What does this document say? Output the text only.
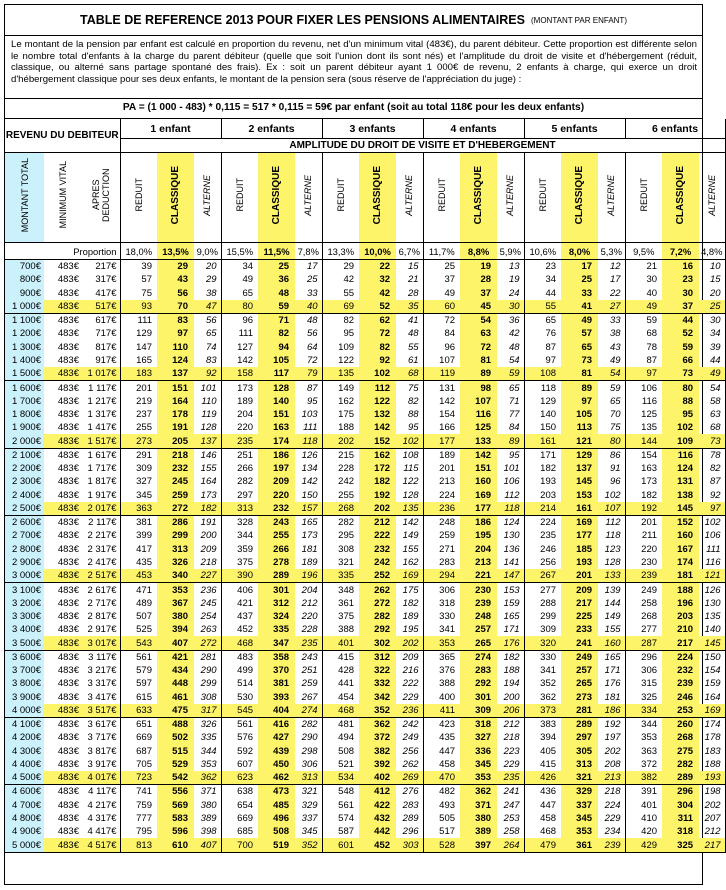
TABLE DE REFERENCE 2013 POUR FIXER LES PENSIONS ALIMENTAIRES (MONTANT PAR ENFANT)
Le montant de la pension par enfant est calculé en proportion du revenu, net d'un minimum vital (483€), du parent débiteur. Cette proportion est différente selon le nombre total d'enfants à la charge du parent débiteur (quelle que soit l'union dont ils sont nés) et l'amplitude du droit de visite et d'hébergement (réduit, classique, ou alterné sans partage spontané des frais). Ex : soit un parent débiteur ayant 1 000€ de revenu, 2 enfants à charge, qui exerce un droit d'hébergement classique pour ses deux enfants, le montant de la pension sera (sous réserve de l'appréciation du juge) :
PA = (1 000 - 483) * 0,115 = 517 * 0,115 = 59€ par enfant (soit au total 118€ pour les deux enfants)
REVENU DU DEBITEUR			1 enfant			2 enfants			3 enfants			4 enfants			5 enfants			6 enfants		
			AMPLITUDE DU DROIT DE VISITE ET D'HEBERGEMENT																	
MONTANT TOTAL	MINIMUM VITAL	APRES DEDUCTION	REDUIT	CLASSIQUE	ALTERNE	REDUIT	CLASSIQUE	ALTERNE	REDUIT	CLASSIQUE	ALTERNE	REDUIT	CLASSIQUE	ALTERNE	REDUIT	CLASSIQUE	ALTERNE	REDUIT	CLASSIQUE	ALTERNE
Proportion			18,0%	13,5%	9,0%	15,5%	11,5%	7,8%	13,3%	10,0%	6,7%	11,7%	8,8%	5,9%	10,6%	8,0%	5,3%	9,5%	7,2%	4,8%
700€	483€	217€	39	29	20	34	25	17	29	22	15	25	19	13	23	17	12	21	16	10
800€	483€	317€	57	43	29	49	36	25	42	32	21	37	28	19	34	25	17	30	23	15
900€	483€	417€	75	56	38	65	48	33	55	42	28	49	37	24	44	33	22	40	30	20
1 000€	483€	517€	93	70	47	80	59	40	69	52	35	60	45	30	55	41	27	49	37	25
1 100€	483€	617€	111	83	56	96	71	48	82	62	41	72	54	36	65	49	33	59	44	30
1 200€	483€	717€	129	97	65	111	82	56	95	72	48	84	63	42	76	57	38	68	52	34
1 300€	483€	817€	147	110	74	127	94	64	109	82	55	96	72	48	87	65	43	78	59	39
1 400€	483€	917€	165	124	83	142	105	72	122	92	61	107	81	54	97	73	49	87	66	44
1 500€	483€	1 017€	183	137	92	158	117	79	135	102	68	119	89	59	108	81	54	97	73	49
1 600€	483€	1 117€	201	151	101	173	128	87	149	112	75	131	98	65	118	89	59	106	80	54
1 700€	483€	1 217€	219	164	110	189	140	95	162	122	82	142	107	71	129	97	65	116	88	58
1 800€	483€	1 317€	237	178	119	204	151	103	175	132	88	154	116	77	140	105	70	125	95	63
1 900€	483€	1 417€	255	191	128	220	163	111	188	142	95	166	125	84	150	113	75	135	102	68
2 000€	483€	1 517€	273	205	137	235	174	118	202	152	102	177	133	89	161	121	80	144	109	73
2 100€	483€	1 617€	291	218	146	251	186	126	215	162	108	189	142	95	171	129	86	154	116	78
2 200€	483€	1 717€	309	232	155	266	197	134	228	172	115	201	151	101	182	137	91	163	124	82
2 300€	483€	1 817€	327	245	164	282	209	142	242	182	122	213	160	106	193	145	96	173	131	87
2 400€	483€	1 917€	345	259	173	297	220	150	255	192	128	224	169	112	203	153	102	182	138	92
2 500€	483€	2 017€	363	272	182	313	232	157	268	202	135	236	177	118	214	161	107	192	145	97
2 600€	483€	2 117€	381	286	191	328	243	165	282	212	142	248	186	124	224	169	112	201	152	102
2 700€	483€	2 217€	399	299	200	344	255	173	295	222	149	259	195	130	235	177	118	211	160	106
2 800€	483€	2 317€	417	313	209	359	266	181	308	232	155	271	204	136	246	185	123	220	167	111
2 900€	483€	2 417€	435	326	218	375	278	189	321	242	162	283	213	141	256	193	128	230	174	116
3 000€	483€	2 517€	453	340	227	390	289	196	335	252	169	294	221	147	267	201	133	239	181	121
3 100€	483€	2 617€	471	353	236	406	301	204	348	262	175	306	230	153	277	209	139	249	188	126
3 200€	483€	2 717€	489	367	245	421	312	212	361	272	182	318	239	159	288	217	144	258	196	130
3 300€	483€	2 817€	507	380	254	437	324	220	375	282	189	330	248	165	299	225	149	268	203	135
3 400€	483€	2 917€	525	394	263	452	335	228	388	292	195	341	257	171	309	233	155	277	210	140
3 500€	483€	3 017€	543	407	272	468	347	235	401	302	202	353	265	176	320	241	160	287	217	145
3 600€	483€	3 117€	561	421	281	483	358	243	415	312	209	365	274	182	330	249	165	296	224	150
3 700€	483€	3 217€	579	434	290	499	370	251	428	322	216	376	283	188	341	257	171	306	232	154
3 800€	483€	3 317€	597	448	299	514	381	259	441	332	222	388	292	194	352	265	176	315	239	159
3 900€	483€	3 417€	615	461	308	530	393	267	454	342	229	400	301	200	362	273	181	325	246	164
4 000€	483€	3 517€	633	475	317	545	404	274	468	352	236	411	309	206	373	281	186	334	253	169
4 100€	483€	3 617€	651	488	326	561	416	282	481	362	242	423	318	212	383	289	192	344	260	174
4 200€	483€	3 717€	669	502	335	576	427	290	494	372	249	435	327	218	394	297	197	353	268	178
4 300€	483€	3 817€	687	515	344	592	439	298	508	382	256	447	336	223	405	305	202	363	275	183
4 400€	483€	3 917€	705	529	353	607	450	306	521	392	262	458	345	229	415	313	208	372	282	188
4 500€	483€	4 017€	723	542	362	623	462	313	534	402	269	470	353	235	426	321	213	382	289	193
4 600€	483€	4 117€	741	556	371	638	473	321	548	412	276	482	362	241	436	329	218	391	296	198
4 700€	483€	4 217€	759	569	380	654	485	329	561	422	283	493	371	247	447	337	224	401	304	202
4 800€	483€	4 317€	777	583	389	669	496	337	574	432	289	505	380	253	458	345	229	410	311	207
4 900€	483€	4 417€	795	596	398	685	508	345	587	442	296	517	389	258	468	353	234	420	318	212
5 000€	483€	4 517€	813	610	407	700	519	352	601	452	303	528	397	264	479	361	239	429	325	217
